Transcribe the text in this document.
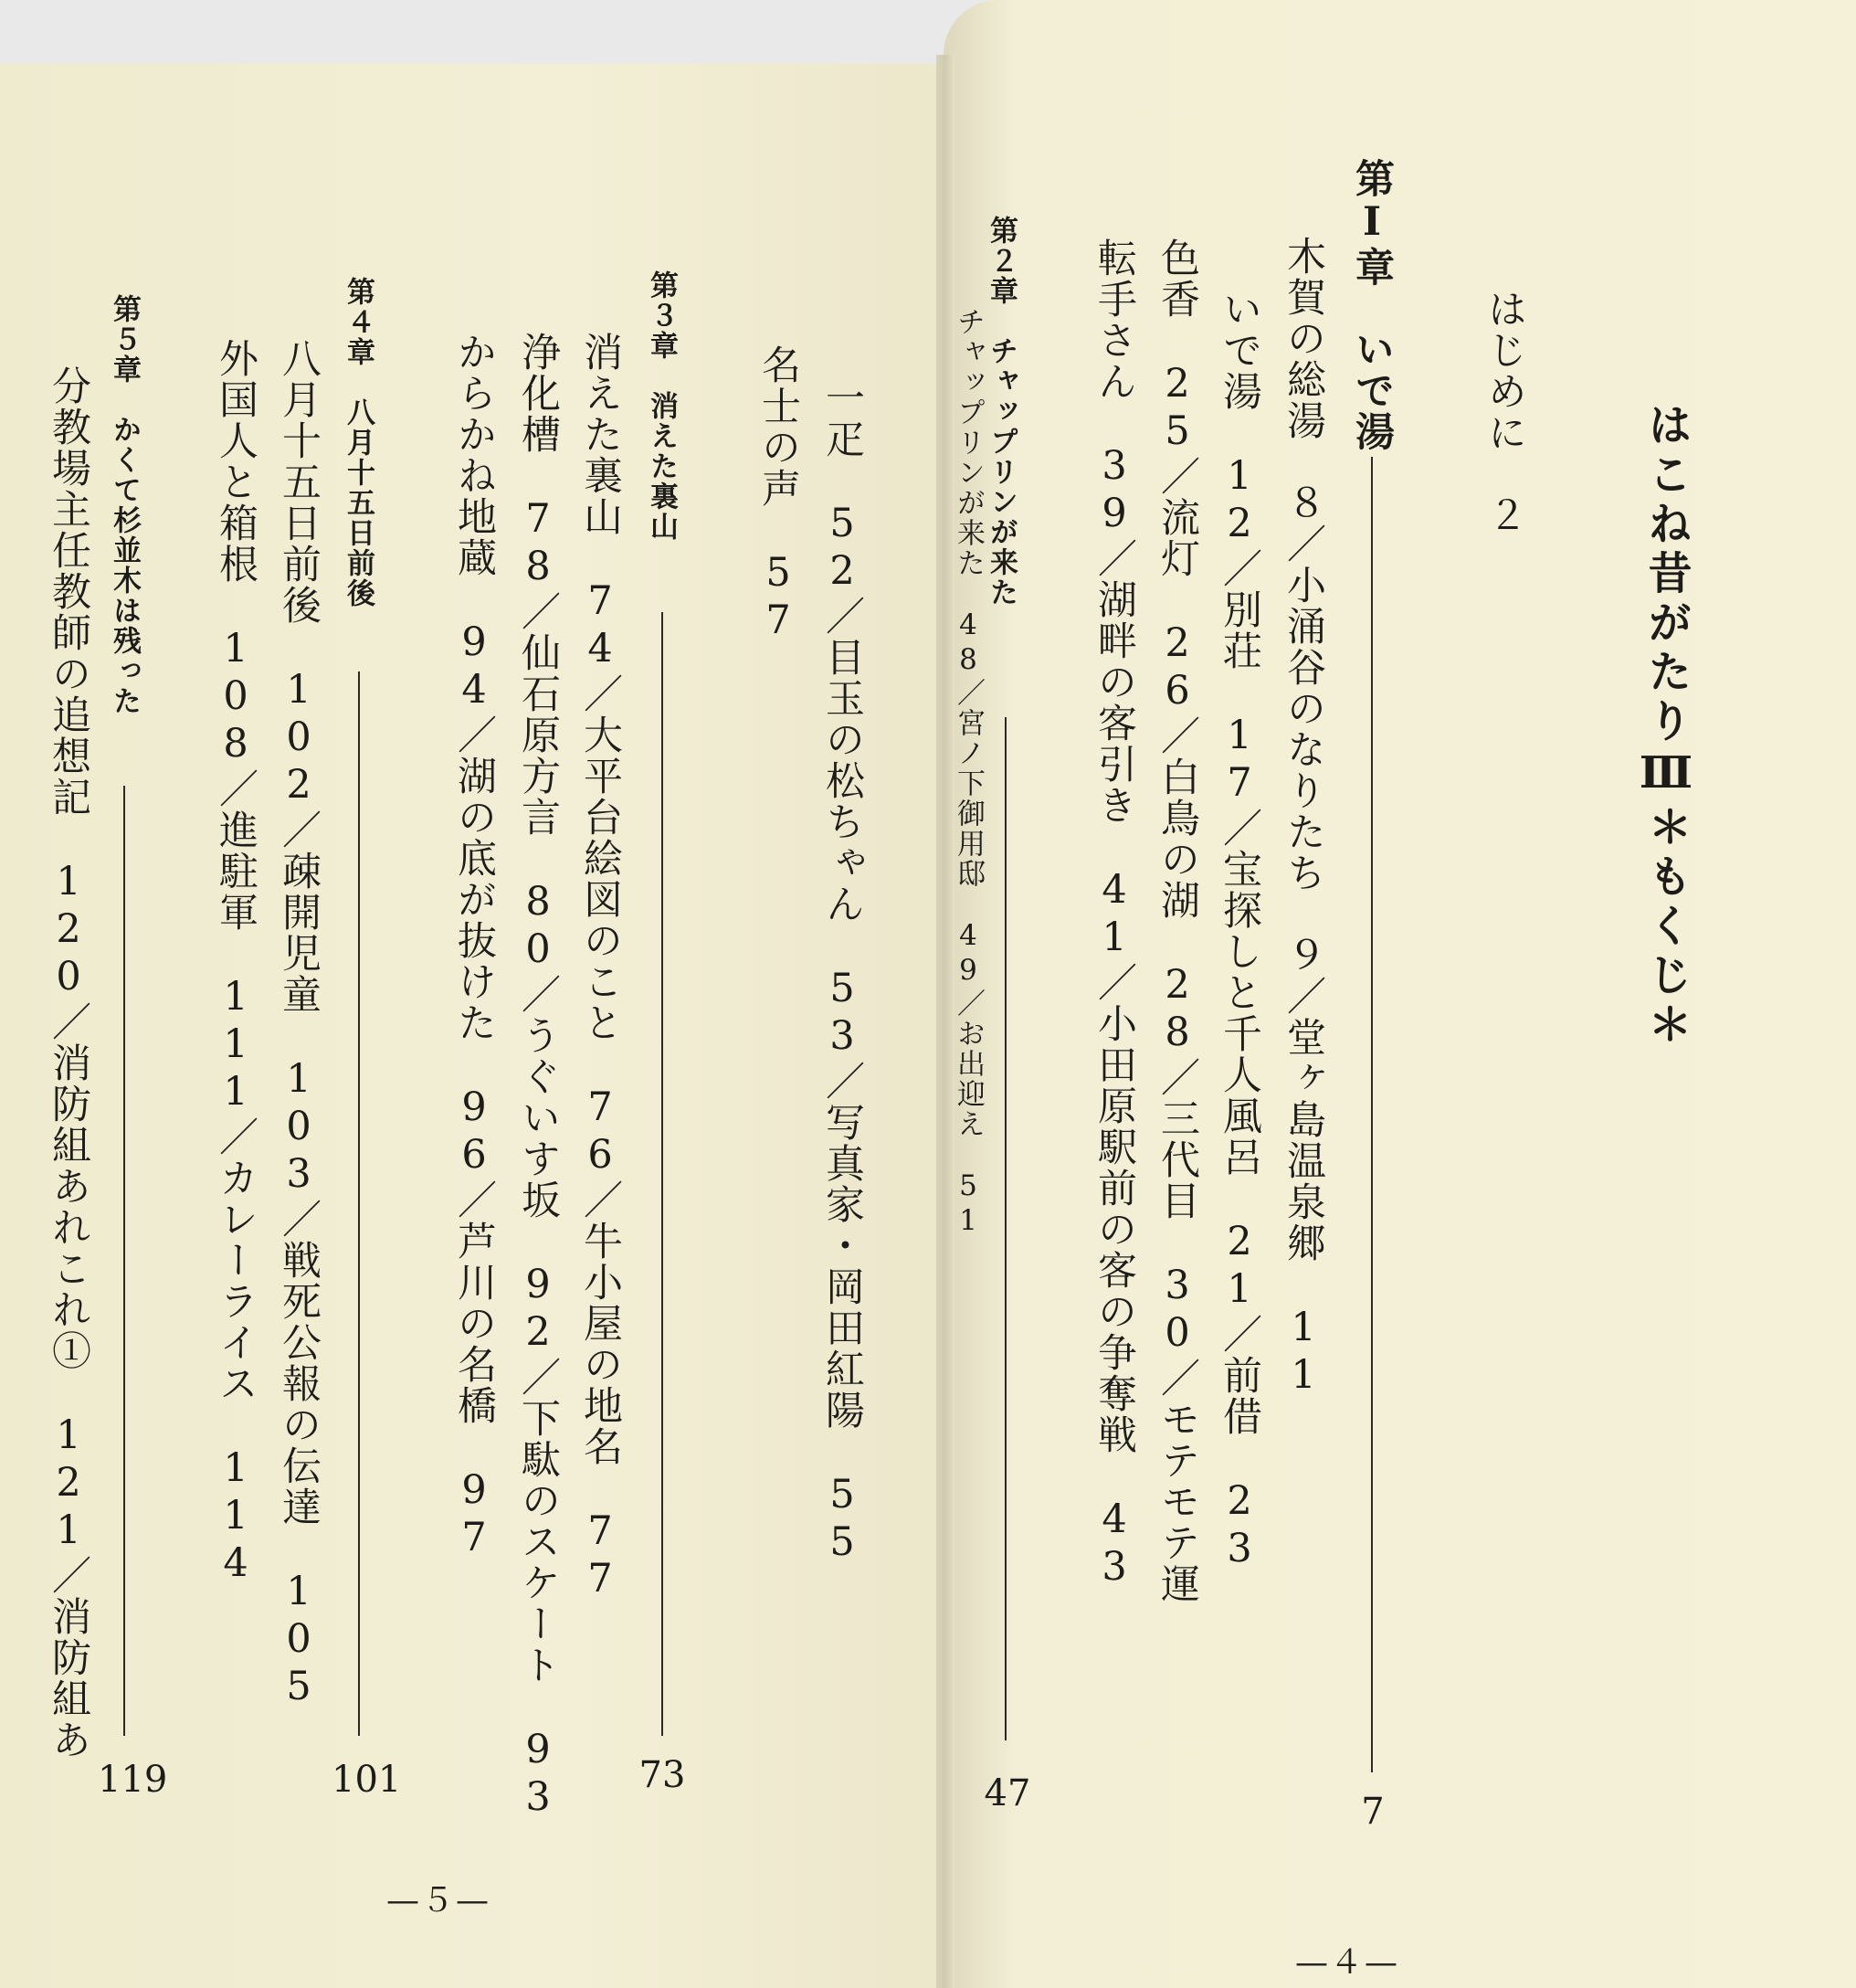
はこね昔がたりⅢ＊もくじ＊
はじめに　２
第Ⅰ章　いで湯
7
木賀の総湯　８／小涌谷のなりたち　９／堂ヶ島温泉郷　11
いで湯　12／別荘　17／宝探しと千人風呂　21／前借　23
色香　25／流灯　26／白鳥の湖　28／三代目　30／モテモテ運
転手さん　39／湖畔の客引き　41／小田原駅前の客の争奪戦　43
第２章　チャップリンが来た
47
チャップリンが来た　48／宮ノ下御用邸　49／お出迎え　51
—４—
一疋　52／目玉の松ちゃん　53／写真家・岡田紅陽　55
名士の声　57
第３章　消えた裏山
73
消えた裏山　74／大平台絵図のこと　76／牛小屋の地名　77
浄化槽　78／仙石原方言　80／うぐいす坂　92／下駄のスケート　93
からかね地蔵　94／湖の底が抜けた　96／芦川の名橋　97
第４章　八月十五日前後
101
八月十五日前後　102／疎開児童　103／戦死公報の伝達　105
外国人と箱根　108／進駐軍　111／カレーライス　114
第５章　かくて杉並木は残った
119
分教場主任教師の追想記　120／消防組あれこれ①　121／消防組あ
—５—
